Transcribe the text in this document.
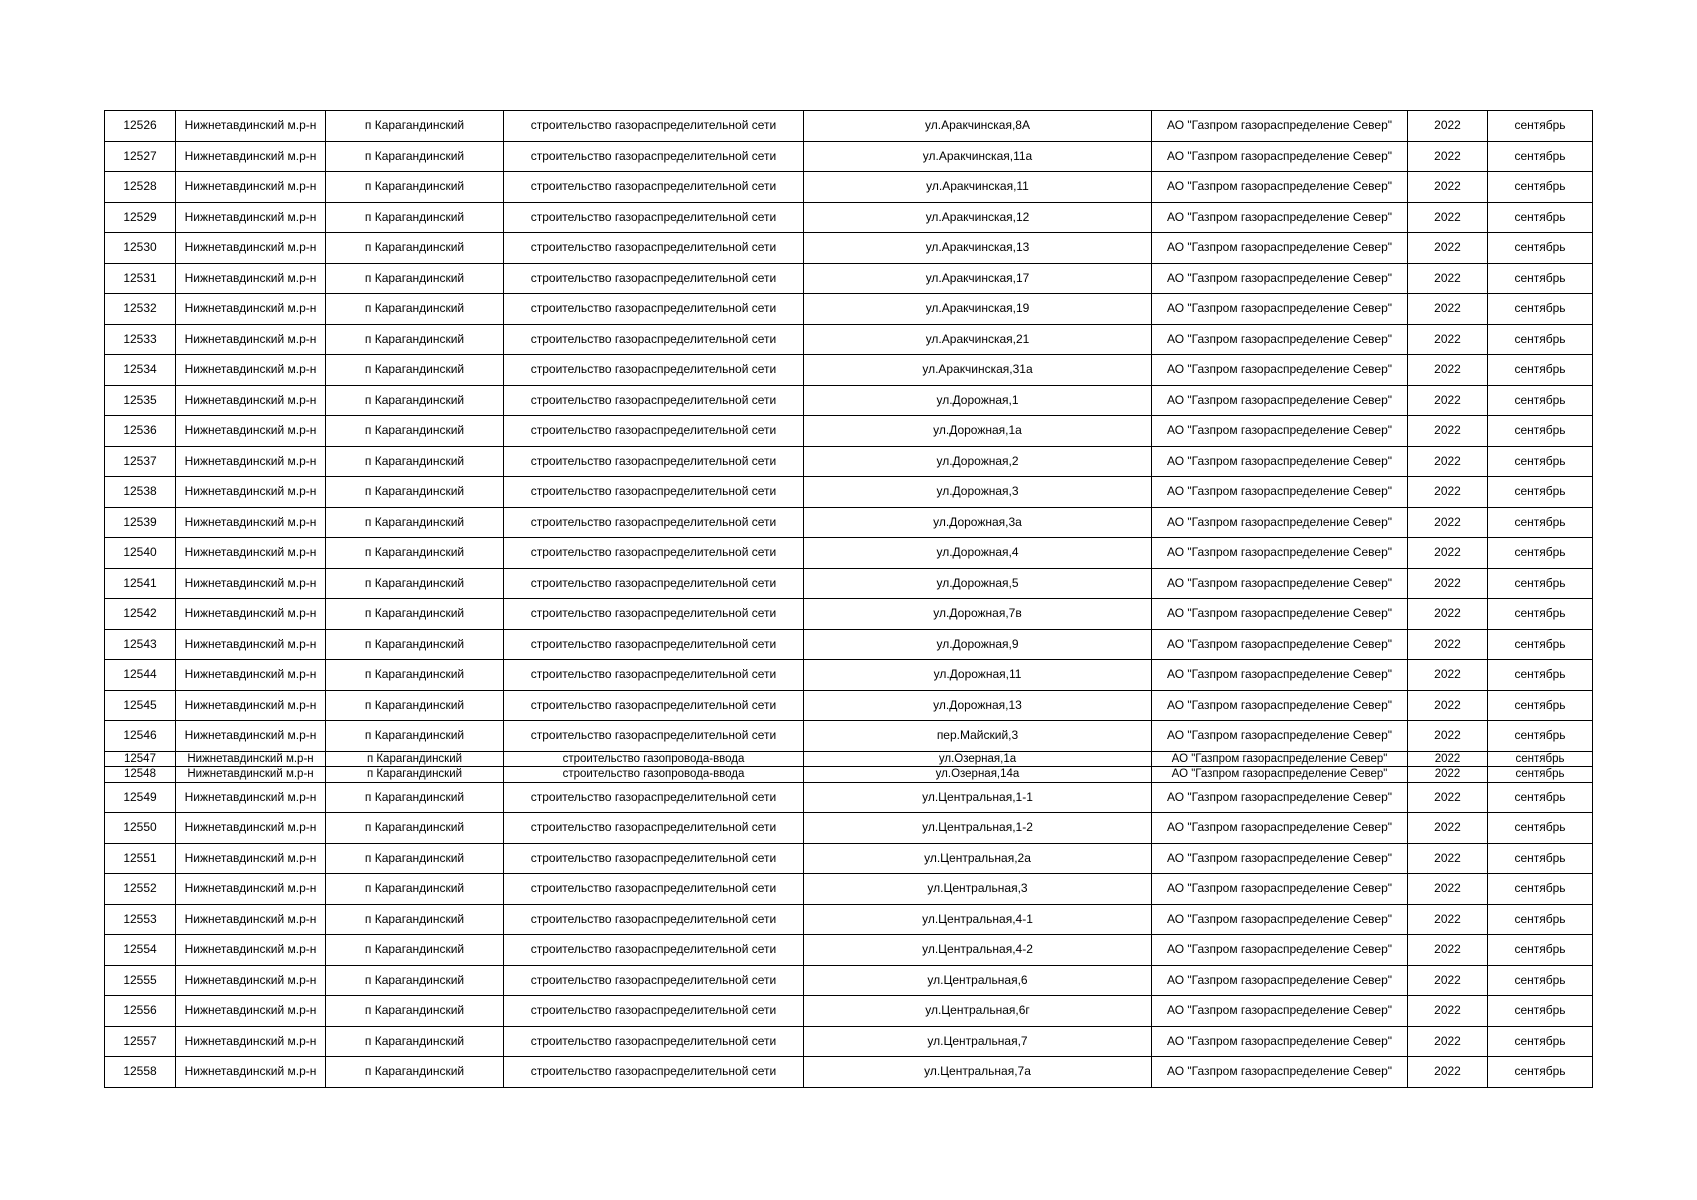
12526	Нижнетавдинский м.р-н	п Карагандинский	строительство газораспределительной сети	ул.Аракчинская,8А	АО "Газпром газораспределение Север"	2022	сентябрь
12527	Нижнетавдинский м.р-н	п Карагандинский	строительство газораспределительной сети	ул.Аракчинская,11а	АО "Газпром газораспределение Север"	2022	сентябрь
12528	Нижнетавдинский м.р-н	п Карагандинский	строительство газораспределительной сети	ул.Аракчинская,11	АО "Газпром газораспределение Север"	2022	сентябрь
12529	Нижнетавдинский м.р-н	п Карагандинский	строительство газораспределительной сети	ул.Аракчинская,12	АО "Газпром газораспределение Север"	2022	сентябрь
12530	Нижнетавдинский м.р-н	п Карагандинский	строительство газораспределительной сети	ул.Аракчинская,13	АО "Газпром газораспределение Север"	2022	сентябрь
12531	Нижнетавдинский м.р-н	п Карагандинский	строительство газораспределительной сети	ул.Аракчинская,17	АО "Газпром газораспределение Север"	2022	сентябрь
12532	Нижнетавдинский м.р-н	п Карагандинский	строительство газораспределительной сети	ул.Аракчинская,19	АО "Газпром газораспределение Север"	2022	сентябрь
12533	Нижнетавдинский м.р-н	п Карагандинский	строительство газораспределительной сети	ул.Аракчинская,21	АО "Газпром газораспределение Север"	2022	сентябрь
12534	Нижнетавдинский м.р-н	п Карагандинский	строительство газораспределительной сети	ул.Аракчинская,31а	АО "Газпром газораспределение Север"	2022	сентябрь
12535	Нижнетавдинский м.р-н	п Карагандинский	строительство газораспределительной сети	ул.Дорожная,1	АО "Газпром газораспределение Север"	2022	сентябрь
12536	Нижнетавдинский м.р-н	п Карагандинский	строительство газораспределительной сети	ул.Дорожная,1а	АО "Газпром газораспределение Север"	2022	сентябрь
12537	Нижнетавдинский м.р-н	п Карагандинский	строительство газораспределительной сети	ул.Дорожная,2	АО "Газпром газораспределение Север"	2022	сентябрь
12538	Нижнетавдинский м.р-н	п Карагандинский	строительство газораспределительной сети	ул.Дорожная,3	АО "Газпром газораспределение Север"	2022	сентябрь
12539	Нижнетавдинский м.р-н	п Карагандинский	строительство газораспределительной сети	ул.Дорожная,3а	АО "Газпром газораспределение Север"	2022	сентябрь
12540	Нижнетавдинский м.р-н	п Карагандинский	строительство газораспределительной сети	ул.Дорожная,4	АО "Газпром газораспределение Север"	2022	сентябрь
12541	Нижнетавдинский м.р-н	п Карагандинский	строительство газораспределительной сети	ул.Дорожная,5	АО "Газпром газораспределение Север"	2022	сентябрь
12542	Нижнетавдинский м.р-н	п Карагандинский	строительство газораспределительной сети	ул.Дорожная,7в	АО "Газпром газораспределение Север"	2022	сентябрь
12543	Нижнетавдинский м.р-н	п Карагандинский	строительство газораспределительной сети	ул.Дорожная,9	АО "Газпром газораспределение Север"	2022	сентябрь
12544	Нижнетавдинский м.р-н	п Карагандинский	строительство газораспределительной сети	ул.Дорожная,11	АО "Газпром газораспределение Север"	2022	сентябрь
12545	Нижнетавдинский м.р-н	п Карагандинский	строительство газораспределительной сети	ул.Дорожная,13	АО "Газпром газораспределение Север"	2022	сентябрь
12546	Нижнетавдинский м.р-н	п Карагандинский	строительство газораспределительной сети	пер.Майский,3	АО "Газпром газораспределение Север"	2022	сентябрь
12547	Нижнетавдинский м.р-н	п Карагандинский	строительство газопровода-ввода	ул.Озерная,1а	АО "Газпром газораспределение Север"	2022	сентябрь
12548	Нижнетавдинский м.р-н	п Карагандинский	строительство газопровода-ввода	ул.Озерная,14а	АО "Газпром газораспределение Север"	2022	сентябрь
12549	Нижнетавдинский м.р-н	п Карагандинский	строительство газораспределительной сети	ул.Центральная,1-1	АО "Газпром газораспределение Север"	2022	сентябрь
12550	Нижнетавдинский м.р-н	п Карагандинский	строительство газораспределительной сети	ул.Центральная,1-2	АО "Газпром газораспределение Север"	2022	сентябрь
12551	Нижнетавдинский м.р-н	п Карагандинский	строительство газораспределительной сети	ул.Центральная,2а	АО "Газпром газораспределение Север"	2022	сентябрь
12552	Нижнетавдинский м.р-н	п Карагандинский	строительство газораспределительной сети	ул.Центральная,3	АО "Газпром газораспределение Север"	2022	сентябрь
12553	Нижнетавдинский м.р-н	п Карагандинский	строительство газораспределительной сети	ул.Центральная,4-1	АО "Газпром газораспределение Север"	2022	сентябрь
12554	Нижнетавдинский м.р-н	п Карагандинский	строительство газораспределительной сети	ул.Центральная,4-2	АО "Газпром газораспределение Север"	2022	сентябрь
12555	Нижнетавдинский м.р-н	п Карагандинский	строительство газораспределительной сети	ул.Центральная,6	АО "Газпром газораспределение Север"	2022	сентябрь
12556	Нижнетавдинский м.р-н	п Карагандинский	строительство газораспределительной сети	ул.Центральная,6г	АО "Газпром газораспределение Север"	2022	сентябрь
12557	Нижнетавдинский м.р-н	п Карагандинский	строительство газораспределительной сети	ул.Центральная,7	АО "Газпром газораспределение Север"	2022	сентябрь
12558	Нижнетавдинский м.р-н	п Карагандинский	строительство газораспределительной сети	ул.Центральная,7а	АО "Газпром газораспределение Север"	2022	сентябрь
